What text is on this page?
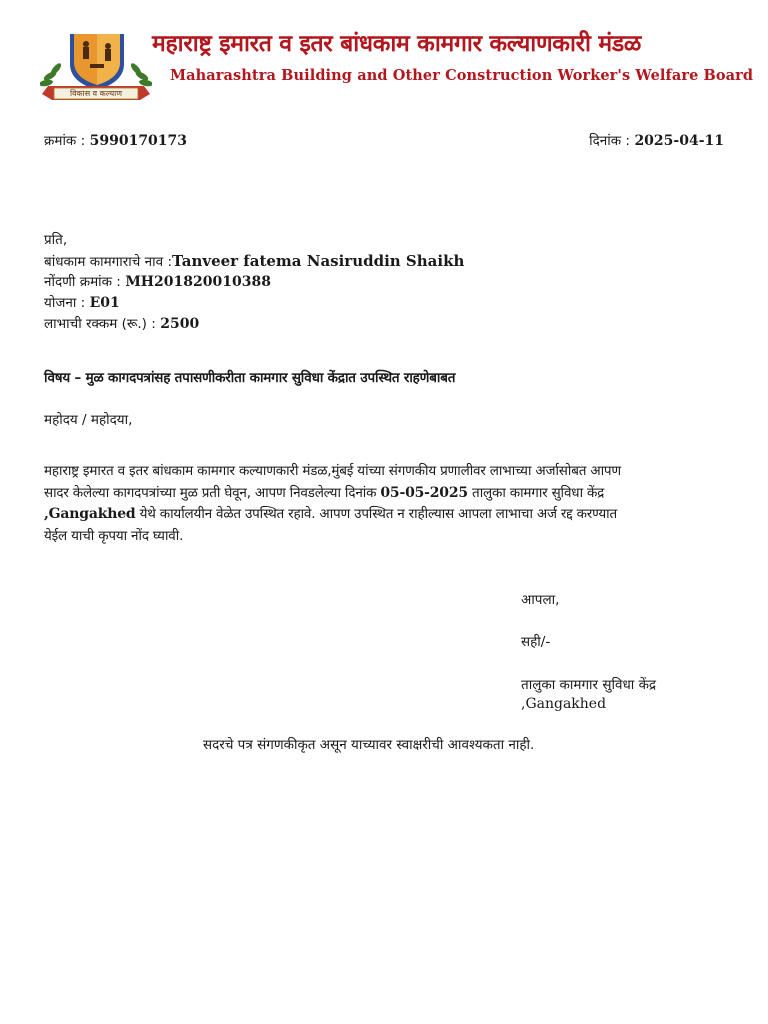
विकास व कल्याण
महाराष्ट्र इमारत व इतर बांधकाम कामगार कल्याणकारी मंडळ
Maharashtra Building and Other Construction Worker's Welfare Board
क्रमांक : 5990170173	दिनांक : 2025-04-11
प्रति,
बांधकाम कामगाराचे नाव :Tanveer fatema Nasiruddin Shaikh
नोंदणी क्रमांक : MH201820010388
योजना : E01
लाभाची रक्कम (रू.) : 2500
विषय – मुळ कागदपत्रांसह तपासणीकरीता कामगार सुविधा केंद्रात उपस्थित राहणेबाबत
महोदय / महोदया,
महाराष्ट्र इमारत व इतर बांधकाम कामगार कल्याणकारी मंडळ,मुंबई यांच्या संगणकीय प्रणालीवर लाभाच्या अर्जासोबत आपण
सादर केलेल्या कागदपत्रांच्या मुळ प्रती घेवून, आपण निवडलेल्या दिनांक 05-05-2025 तालुका कामगार सुविधा केंद्र
,Gangakhed येथे कार्यालयीन वेळेत उपस्थित रहावे. आपण उपस्थित न राहील्यास आपला लाभाचा अर्ज रद्द करण्यात
येईल याची कृपया नोंद घ्यावी.
आपला,
सही/-
तालुका कामगार सुविधा केंद्र
,Gangakhed
सदरचे पत्र संगणकीकृत असून याच्यावर स्वाक्षरीची आवश्यकता नाही.
